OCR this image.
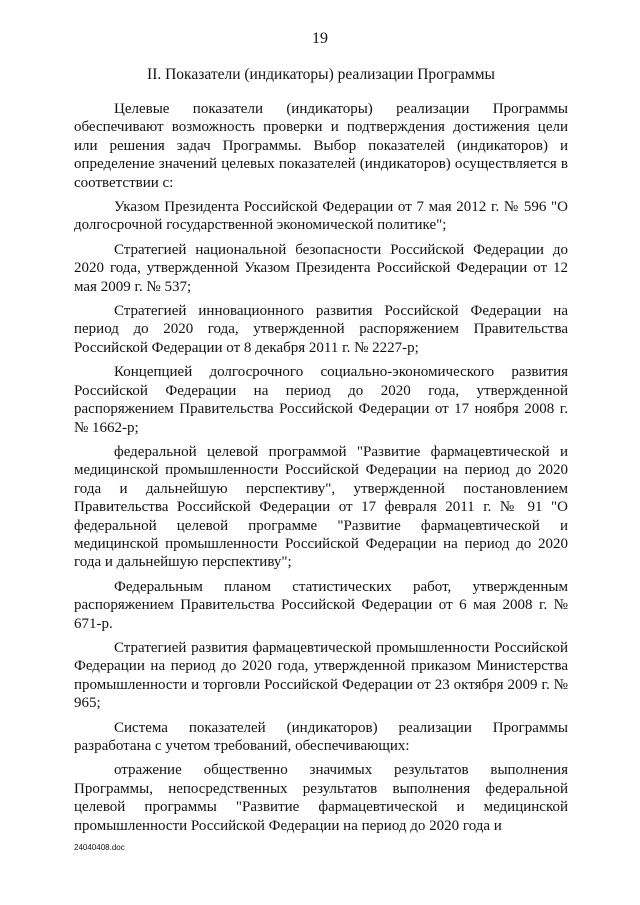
19
II. Показатели (индикаторы) реализации Программы

Целевые показатели (индикаторы) реализации Программы обеспечивают возможность проверки и подтверждения достижения цели или решения задач Программы. Выбор показателей (индикаторов) и определение значений целевых показателей (индикаторов) осуществляется в соответствии с:

Указом Президента Российской Федерации от 7 мая 2012 г. № 596 "О долгосрочной государственной экономической политике";

Стратегией национальной безопасности Российской Федерации до 2020 года, утвержденной Указом Президента Российской Федерации от 12 мая 2009 г. № 537;

Стратегией инновационного развития Российской Федерации на период до 2020 года, утвержденной распоряжением Правительства Российской Федерации от 8 декабря 2011 г. № 2227-р;

Концепцией долгосрочного социально-экономического развития Российской Федерации на период до 2020 года, утвержденной распоряжением Правительства Российской Федерации от 17 ноября 2008 г. № 1662-р;

федеральной целевой программой "Развитие фармацевтической и медицинской промышленности Российской Федерации на период до 2020 года и дальнейшую перспективу", утвержденной постановлением Правительства Российской Федерации от 17 февраля 2011 г. № 91 "О федеральной целевой программе "Развитие фармацевтической и медицинской промышленности Российской Федерации на период до 2020 года и дальнейшую перспективу";

Федеральным планом статистических работ, утвержденным распоряжением Правительства Российской Федерации от 6 мая 2008 г. № 671-р.

Стратегией развития фармацевтической промышленности Российской Федерации на период до 2020 года, утвержденной приказом Министерства промышленности и торговли Российской Федерации от 23 октября 2009 г. № 965;

Система показателей (индикаторов) реализации Программы разработана с учетом требований, обеспечивающих:

отражение общественно значимых результатов выполнения Программы, непосредственных результатов выполнения федеральной целевой программы "Развитие фармацевтической и медицинской промышленности Российской Федерации на период до 2020 года и

24040408.doc
